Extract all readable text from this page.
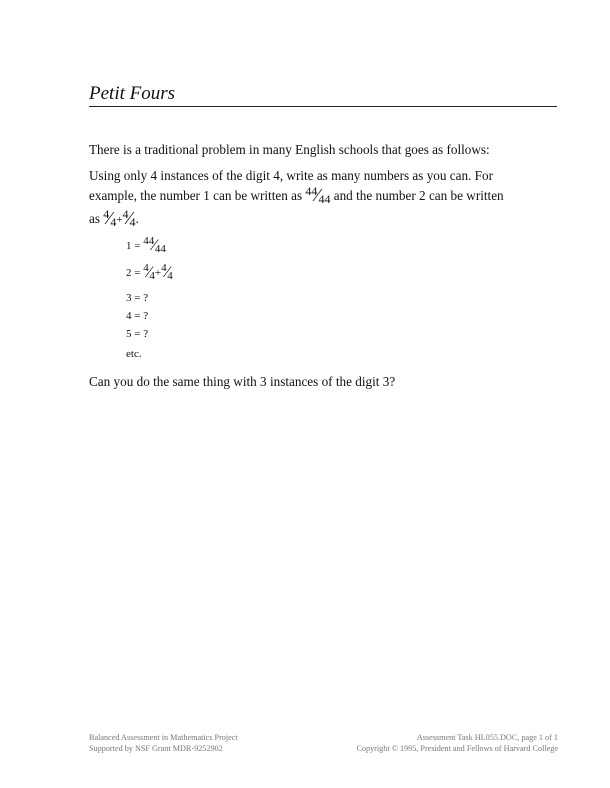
Petit Fours
There is a traditional problem in many English schools that goes as follows:
Using only 4 instances of the digit 4, write as many numbers as you can. For
example, the number 1 can be written as 44⁄44 and the number 2 can be written
as 4⁄4+4⁄4.
$1 = ^{44}⁄_{44}$
$2 = ^4⁄_4+^4⁄_4$
3 = ?
4 = ?
5 = ?
etc.
Can you do the same thing with 3 instances of the digit 3?
Balanced Assessment in Mathematics Project
Supported by NSF Grant MDR-9252902
Assessment Task HL055.DOC, page 1 of 1
Copyright © 1995, President and Fellows of Harvard College
